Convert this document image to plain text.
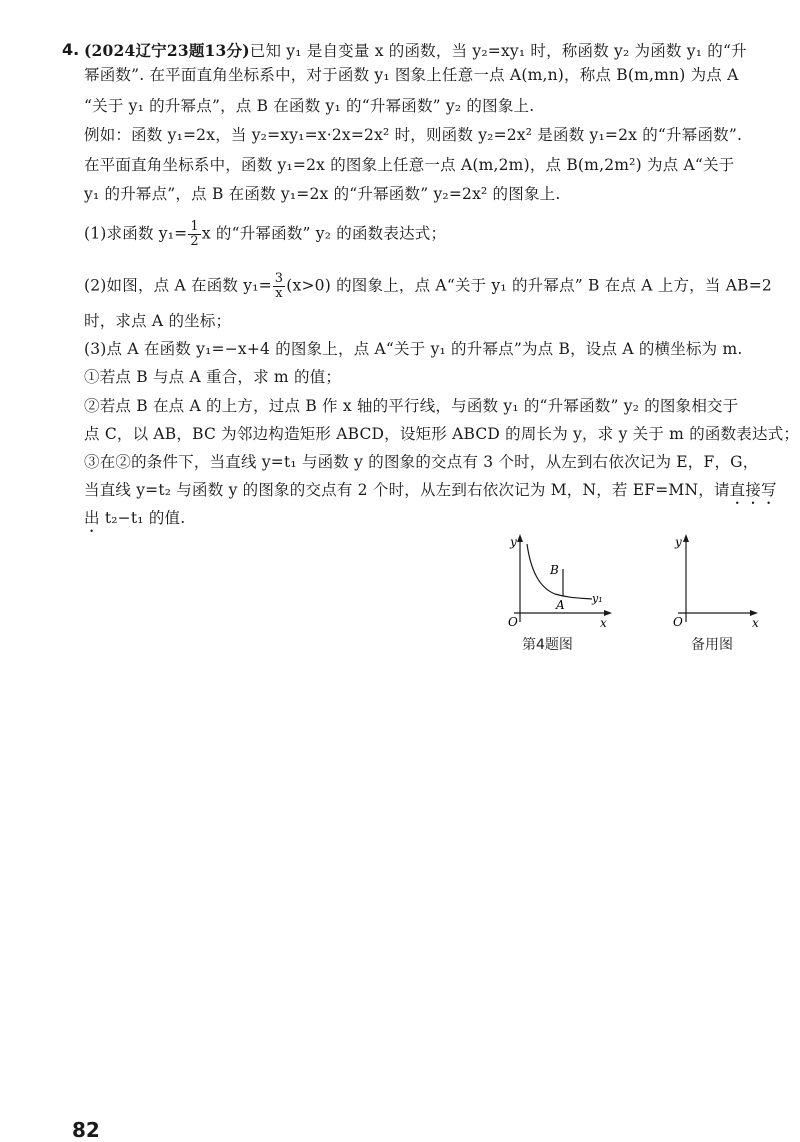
4. (2024辽宁23题13分)已知 y₁ 是自变量 x 的函数，当 y₂=xy₁ 时，称函数 y₂ 为函数 y₁ 的“升
幂函数”. 在平面直角坐标系中，对于函数 y₁ 图象上任意一点 A(m,n)，称点 B(m,mn) 为点 A
“关于 y₁ 的升幂点”，点 B 在函数 y₁ 的“升幂函数” y₂ 的图象上.
例如：函数 y₁=2x，当 y₂=xy₁=x·2x=2x² 时，则函数 y₂=2x² 是函数 y₁=2x 的“升幂函数”.
在平面直角坐标系中，函数 y₁=2x 的图象上任意一点 A(m,2m)，点 B(m,2m²) 为点 A“关于
y₁ 的升幂点”，点 B 在函数 y₁=2x 的“升幂函数” y₂=2x² 的图象上.
(1)求函数 $y_1= \frac{1}{2}$ x 的“升幂函数” y₂ 的函数表达式；
(2)如图，点 A 在函数 $y_1= \frac{3}{x} (x>0)$ 的图象上，点 A“关于 y₁ 的升幂点” B 在点 A 上方，当 AB=2
时，求点 A 的坐标；
(3)点 A 在函数 y₁=−x+4 的图象上，点 A“关于 y₁ 的升幂点”为点 B，设点 A 的横坐标为 m.
①若点 B 与点 A 重合，求 m 的值；
②若点 B 在点 A 的上方，过点 B 作 x 轴的平行线，与函数 y₁ 的“升幂函数” y₂ 的图象相交于
点 C，以 AB，BC 为邻边构造矩形 ABCD，设矩形 ABCD 的周长为 y，求 y 关于 m 的函数表达式；
③在②的条件下，当直线 y=t₁ 与函数 y 的图象的交点有 3 个时，从左到右依次记为 E，F，G，
当直线 y=t₂ 与函数 y 的图象的交点有 2 个时，从左到右依次记为 M，N，若 EF=MN，请直接写
出 t₂−t₁ 的值.
B
A y₁
y
x
O
第4题图
y
x
O
备用图
82
